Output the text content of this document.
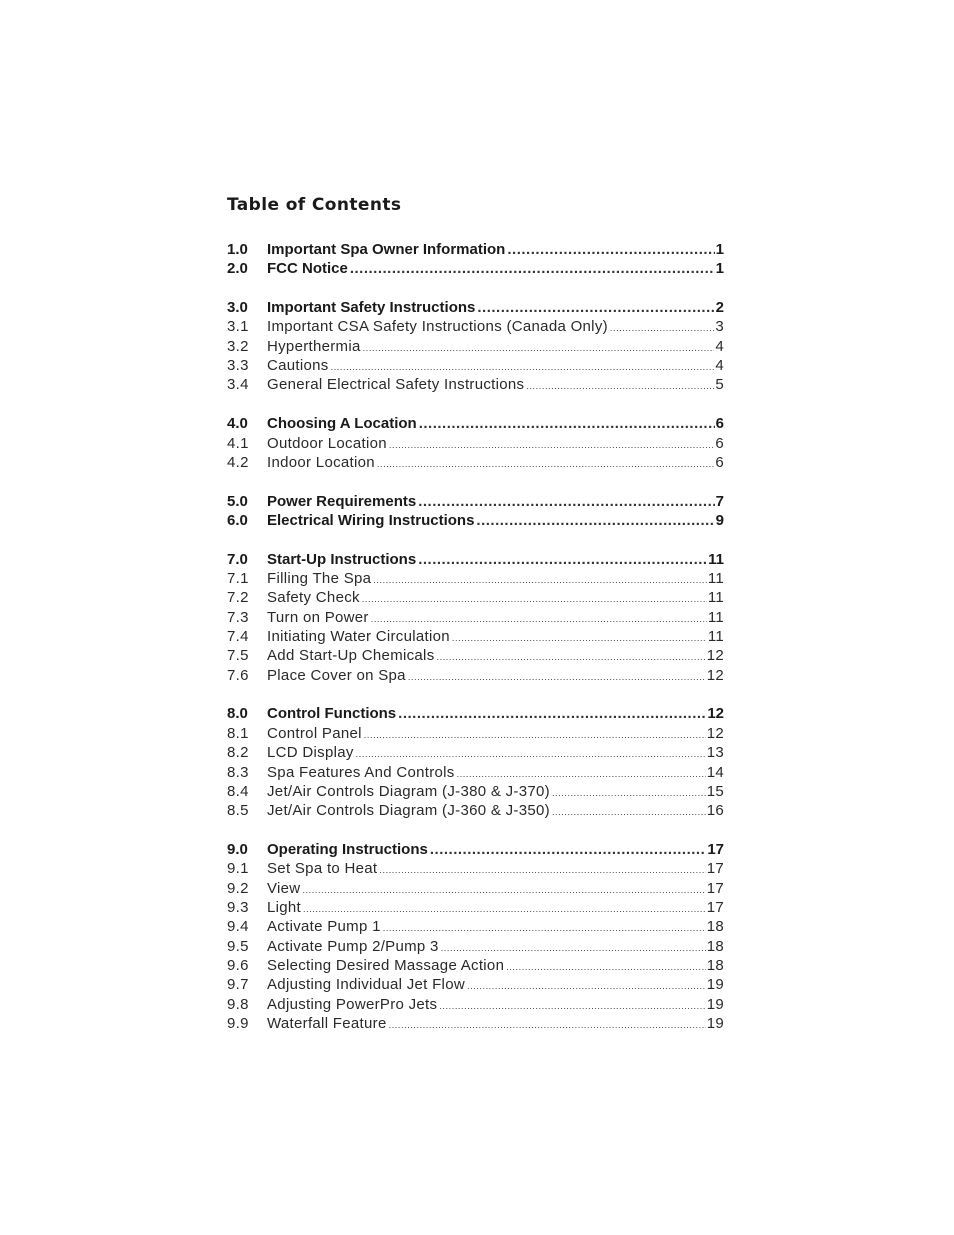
Table of Contents
1.0	Important Spa Owner Information .....	1
2.0	FCC Notice .....	1
3.0	Important Safety Instructions .....	2
3.1	Important CSA Safety Instructions (Canada Only) .....	3
3.2	Hyperthermia .....	4
3.3	Cautions .....	4
3.4	General Electrical Safety Instructions .....	5
4.0	Choosing A Location .....	6
4.1	Outdoor Location .....	6
4.2	Indoor Location .....	6
5.0	Power Requirements .....	7
6.0	Electrical Wiring Instructions .....	9
7.0	Start-Up Instructions .....	11
7.1	Filling The Spa .....	11
7.2	Safety Check .....	11
7.3	Turn on Power .....	11
7.4	Initiating Water Circulation .....	11
7.5	Add Start-Up Chemicals .....	12
7.6	Place Cover on Spa .....	12
8.0	Control Functions .....	12
8.1	Control Panel .....	12
8.2	LCD Display .....	13
8.3	Spa Features And Controls .....	14
8.4	Jet/Air Controls Diagram (J-380 & J-370) .....	15
8.5	Jet/Air Controls Diagram (J-360 & J-350) .....	16
9.0	Operating Instructions .....	17
9.1	Set Spa to Heat .....	17
9.2	View .....	17
9.3	Light .....	17
9.4	Activate Pump 1 .....	18
9.5	Activate Pump 2/Pump 3 .....	18
9.6	Selecting Desired Massage Action .....	18
9.7	Adjusting Individual Jet Flow .....	19
9.8	Adjusting PowerPro Jets .....	19
9.9	Waterfall Feature .....	19
